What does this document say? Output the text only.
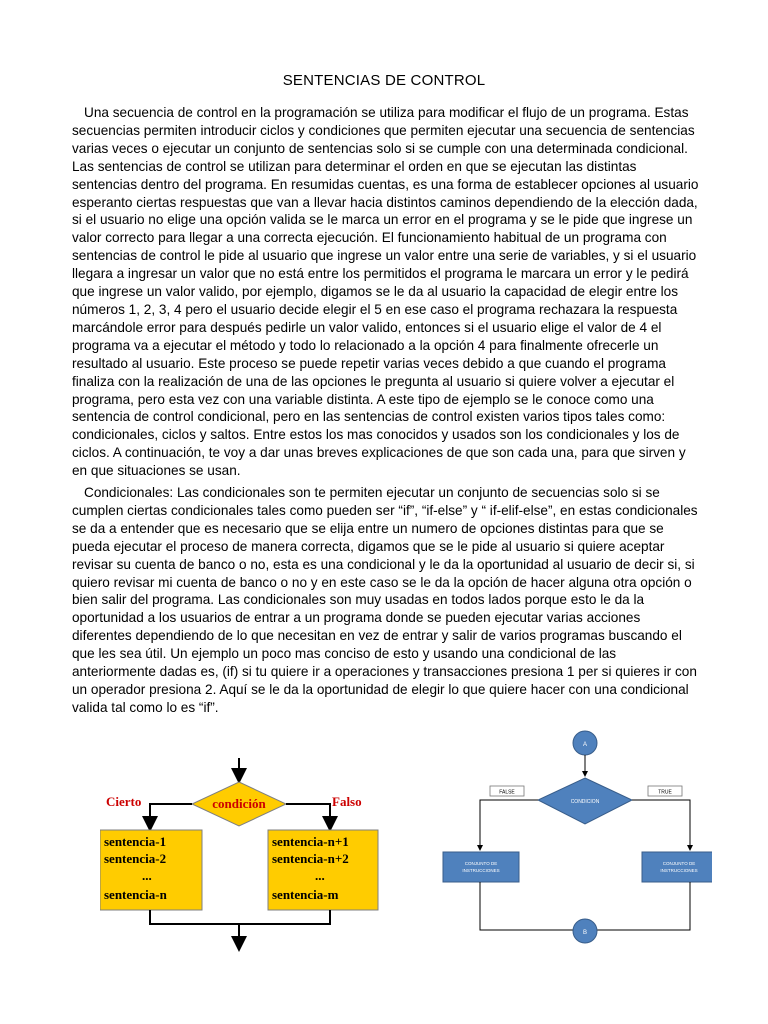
SENTENCIAS DE CONTROL

Una secuencia de control en la programación se utiliza para modificar el flujo de un programa. Estas secuencias permiten introducir ciclos y condiciones que permiten ejecutar una secuencia de sentencias varias veces o ejecutar un conjunto de sentencias solo si se cumple con una determinada condicional. Las sentencias de control se utilizan para determinar el orden en que se ejecutan las distintas sentencias dentro del programa. En resumidas cuentas, es una forma de establecer opciones al usuario esperanto ciertas respuestas que van a llevar hacia distintos caminos dependiendo de la elección dada, si el usuario no elige una opción valida se le marca un error en el programa y se le pide que ingrese un valor correcto para llegar a una correcta ejecución. El funcionamiento habitual de un programa con sentencias de control le pide al usuario que ingrese un valor entre una serie de variables, y si el usuario llegara a ingresar un valor que no está entre los permitidos el programa le marcara un error y le pedirá que ingrese un valor valido, por ejemplo, digamos se le da al usuario la capacidad de elegir entre los números 1, 2, 3, 4 pero el usuario decide elegir el 5 en ese caso el programa rechazara la respuesta marcándole error para después pedirle un valor valido, entonces si el usuario elige el valor de 4 el programa va a ejecutar el método y todo lo relacionado a la opción 4 para finalmente ofrecerle un resultado al usuario. Este proceso se puede repetir varias veces debido a que cuando el programa finaliza con la realización de una de las opciones le pregunta al usuario si quiere volver a ejecutar el programa, pero esta vez con una variable distinta. A este tipo de ejemplo se le conoce como una sentencia de control condicional, pero en las sentencias de control existen varios tipos tales como: condicionales, ciclos y saltos. Entre estos los mas conocidos y usados son los condicionales y los de ciclos. A continuación, te voy a dar unas breves explicaciones de que son cada una, para que sirven y en que situaciones se usan.

Condicionales: Las condicionales son te permiten ejecutar un conjunto de secuencias solo si se cumplen ciertas condicionales tales como pueden ser “if”, “if-else” y “ if-elif-else”, en estas condicionales se da a entender que es necesario que se elija entre un numero de opciones distintas para que se pueda ejecutar el proceso de manera correcta, digamos que se le pide al usuario si quiere aceptar revisar su cuenta de banco o no, esta es una condicional y le da la oportunidad al usuario de decir si, si quiero revisar mi cuenta de banco o no y en este caso se le da la opción de hacer alguna otra opción o bien salir del programa. Las condicionales son muy usadas en todos lados porque esto le da la oportunidad a los usuarios de entrar a un programa donde se pueden ejecutar varias acciones diferentes dependiendo de lo que necesitan en vez de entrar y salir de varios programas buscando el que les sea útil. Un ejemplo un poco mas conciso de esto y usando una condicional de las anteriormente dadas es, (if) si tu quiere ir a operaciones y transacciones presiona 1 per si quieres ir con un operador presiona 2. Aquí se le da la oportunidad de elegir lo que quiere hacer con una condicional valida tal como lo es “if”.

condición
Cierto	Falso
sentencia-1
sentencia-2
...
sentencia-n
sentencia-n+1
sentencia-n+2
...
sentencia-m
A
CONDICION
FALSE	TRUE
CONJUNTO DE
INSTRUCCIONES
CONJUNTO DE
INSTRUCCIONES
B
